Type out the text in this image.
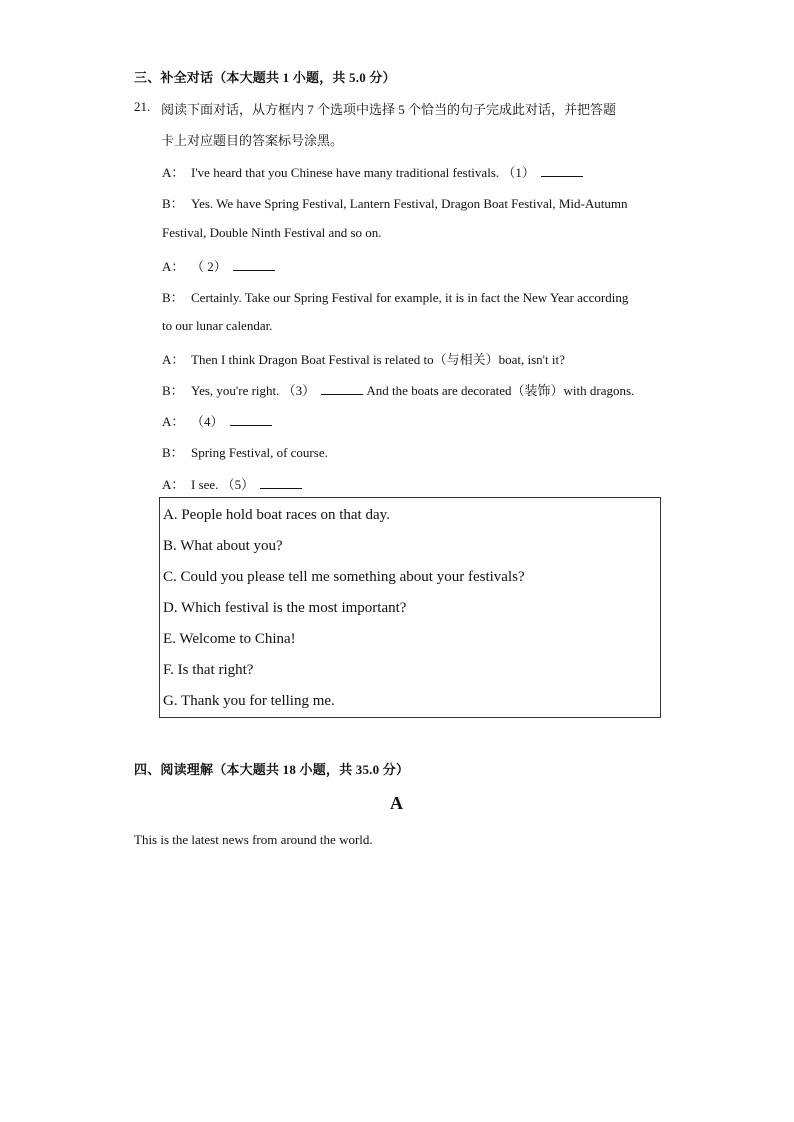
三、补全对话（本大题共 1 小题，共 5.0 分）
21. 阅读下面对话，从方框内 7 个选项中选择 5 个恰当的句子完成此对话，并把答题
卡上对应题目的答案标号涂黑。
A： I've heard that you Chinese have many traditional festivals. （1）
B： Yes. We have Spring Festival, Lantern Festival, Dragon Boat Festival, Mid-Autumn
Festival, Double Ninth Festival and so on.
A： （ 2）
B： Certainly. Take our Spring Festival for example, it is in fact the New Year according
to our lunar calendar.
A： Then I think Dragon Boat Festival is related to（与相关）boat, isn't it?
B： Yes, you're right. （3）	And the boats are decorated（装饰）with dragons.
A： （4）
B： Spring Festival, of course.
A： I see. （5）
A. People hold boat races on that day.
B. What about you?
C. Could you please tell me something about your festivals?
D. Which festival is the most important?
E. Welcome to China!
F. Is that right?
G. Thank you for telling me.
四、阅读理解（本大题共 18 小题，共 35.0 分）
A
This is the latest news from around the world.
